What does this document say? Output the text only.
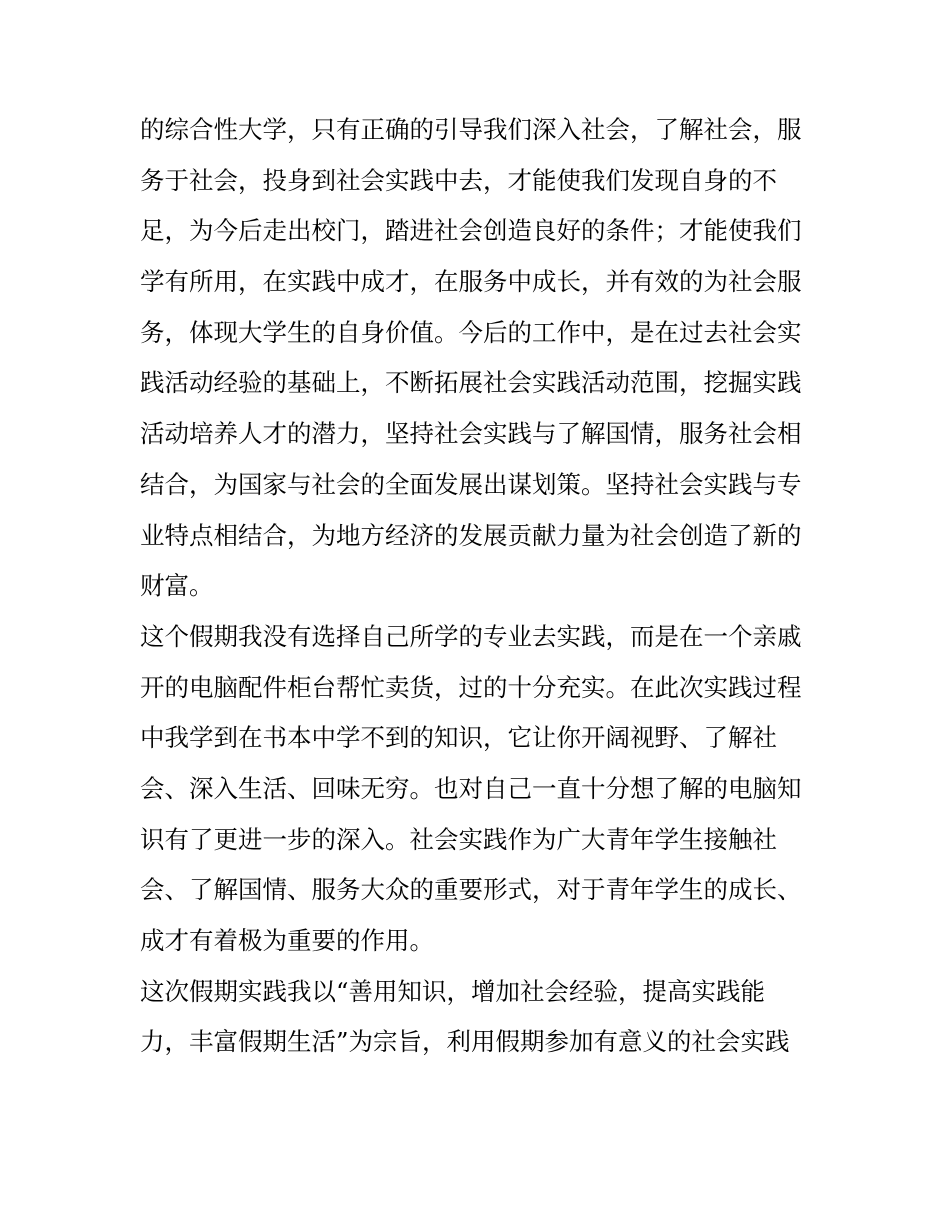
的综合性大学，只有正确的引导我们深入社会，了解社会，服
务于社会，投身到社会实践中去，才能使我们发现自身的不
足，为今后走出校门，踏进社会创造良好的条件；才能使我们
学有所用，在实践中成才，在服务中成长，并有效的为社会服
务，体现大学生的自身价值。今后的工作中，是在过去社会实
践活动经验的基础上，不断拓展社会实践活动范围，挖掘实践
活动培养人才的潜力，坚持社会实践与了解国情，服务社会相
结合，为国家与社会的全面发展出谋划策。坚持社会实践与专
业特点相结合，为地方经济的发展贡献力量为社会创造了新的
财富。
这个假期我没有选择自己所学的专业去实践，而是在一个亲戚
开的电脑配件柜台帮忙卖货，过的十分充实。在此次实践过程
中我学到在书本中学不到的知识，它让你开阔视野、了解社
会、深入生活、回味无穷。也对自己一直十分想了解的电脑知
识有了更进一步的深入。社会实践作为广大青年学生接触社
会、了解国情、服务大众的重要形式，对于青年学生的成长、
成才有着极为重要的作用。
这次假期实践我以“善用知识，增加社会经验，提高实践能
力，丰富假期生活”为宗旨，利用假期参加有意义的社会实践
